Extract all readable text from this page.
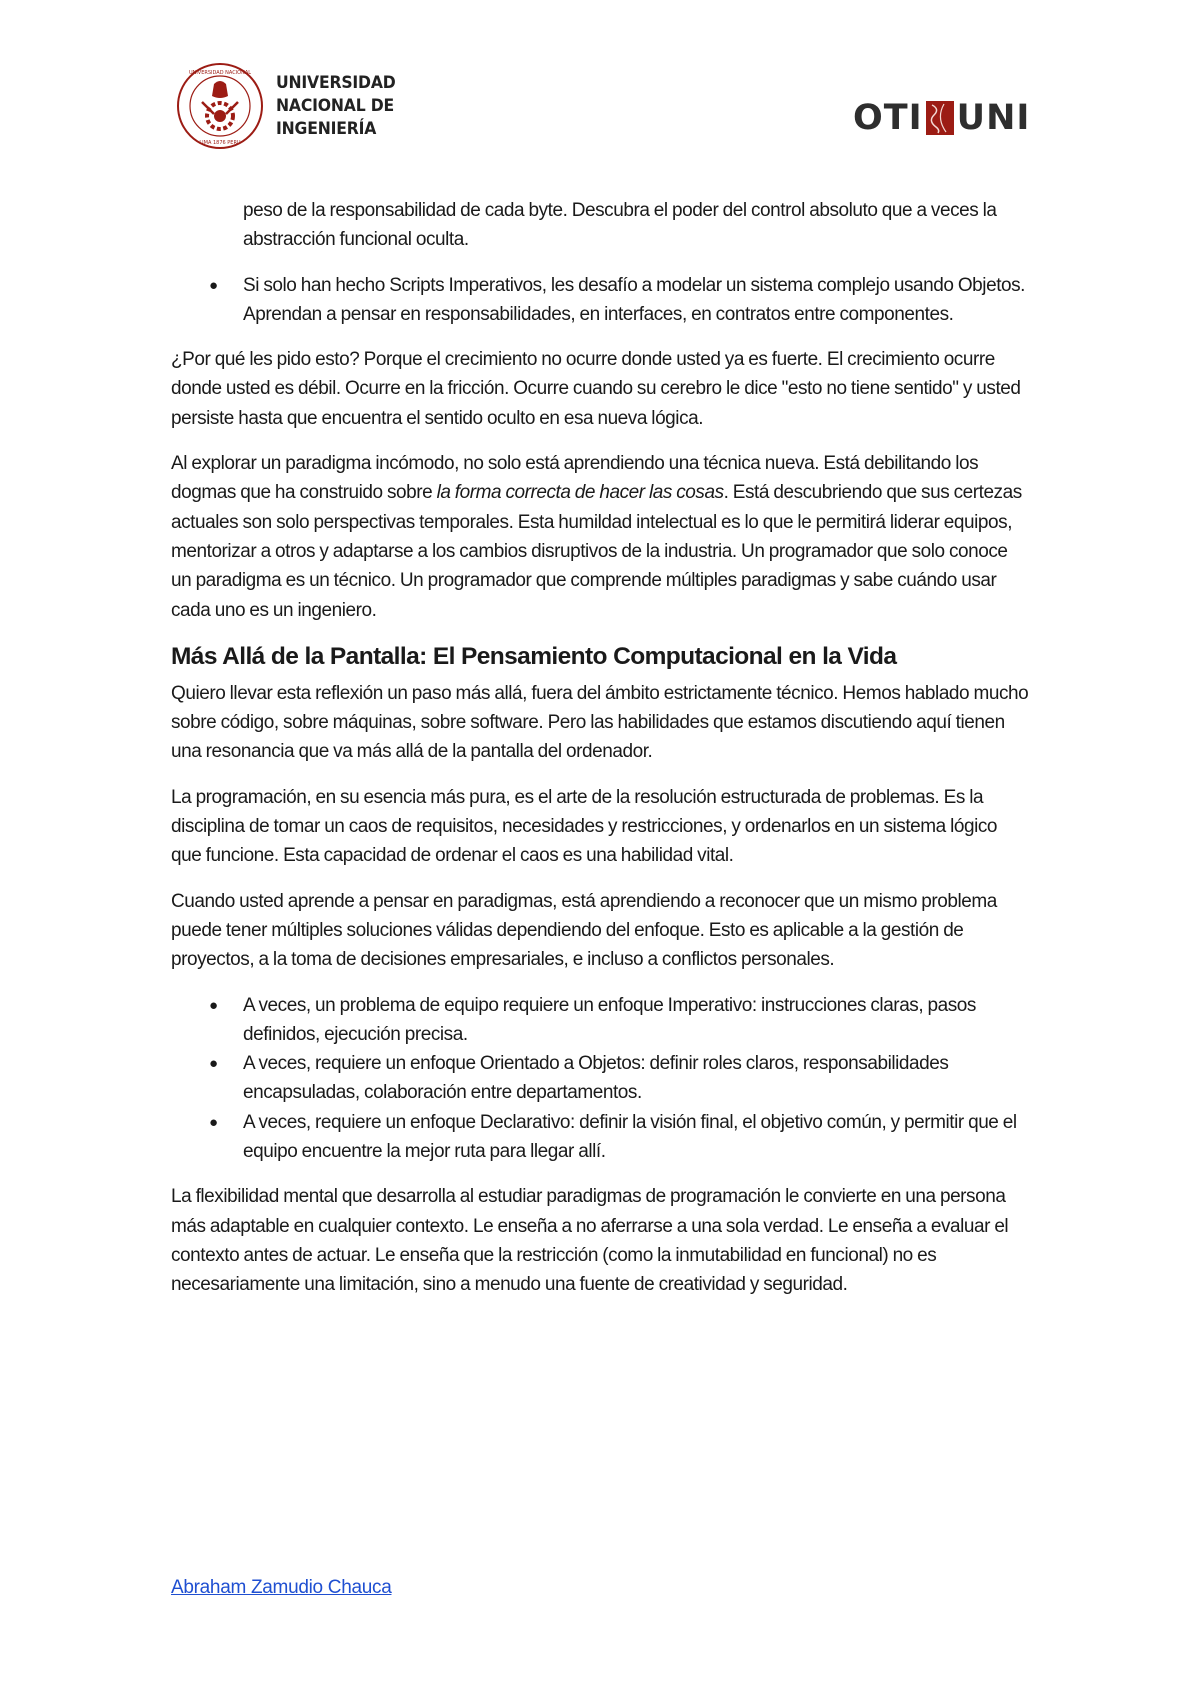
UNIVERSIDAD NACIONAL
LIMA 1876 PERU
UNIVERSIDAD
NACIONAL DE
INGENIERÍA	OTI UNI

peso de la responsabilidad de cada byte. Descubra el poder del control absoluto que a veces la abstracción funcional oculta.

● Si solo han hecho Scripts Imperativos, les desafío a modelar un sistema complejo usando Objetos. Aprendan a pensar en responsabilidades, en interfaces, en contratos entre componentes.

¿Por qué les pido esto? Porque el crecimiento no ocurre donde usted ya es fuerte. El crecimiento ocurre donde usted es débil. Ocurre en la fricción. Ocurre cuando su cerebro le dice "esto no tiene sentido" y usted persiste hasta que encuentra el sentido oculto en esa nueva lógica.

Al explorar un paradigma incómodo, no solo está aprendiendo una técnica nueva. Está debilitando los dogmas que ha construido sobre la forma correcta de hacer las cosas. Está descubriendo que sus certezas actuales son solo perspectivas temporales. Esta humildad intelectual es lo que le permitirá liderar equipos, mentorizar a otros y adaptarse a los cambios disruptivos de la industria. Un programador que solo conoce un paradigma es un técnico. Un programador que comprende múltiples paradigmas y sabe cuándo usar cada uno es un ingeniero.

Más Allá de la Pantalla: El Pensamiento Computacional en la Vida

Quiero llevar esta reflexión un paso más allá, fuera del ámbito estrictamente técnico. Hemos hablado mucho sobre código, sobre máquinas, sobre software. Pero las habilidades que estamos discutiendo aquí tienen una resonancia que va más allá de la pantalla del ordenador.

La programación, en su esencia más pura, es el arte de la resolución estructurada de problemas. Es la disciplina de tomar un caos de requisitos, necesidades y restricciones, y ordenarlos en un sistema lógico que funcione. Esta capacidad de ordenar el caos es una habilidad vital.

Cuando usted aprende a pensar en paradigmas, está aprendiendo a reconocer que un mismo problema puede tener múltiples soluciones válidas dependiendo del enfoque. Esto es aplicable a la gestión de proyectos, a la toma de decisiones empresariales, e incluso a conflictos personales.

● A veces, un problema de equipo requiere un enfoque Imperativo: instrucciones claras, pasos definidos, ejecución precisa.
● A veces, requiere un enfoque Orientado a Objetos: definir roles claros, responsabilidades encapsuladas, colaboración entre departamentos.
● A veces, requiere un enfoque Declarativo: definir la visión final, el objetivo común, y permitir que el equipo encuentre la mejor ruta para llegar allí.

La flexibilidad mental que desarrolla al estudiar paradigmas de programación le convierte en una persona más adaptable en cualquier contexto. Le enseña a no aferrarse a una sola verdad. Le enseña a evaluar el contexto antes de actuar. Le enseña que la restricción (como la inmutabilidad en funcional) no es necesariamente una limitación, sino a menudo una fuente de creatividad y seguridad.

Abraham Zamudio Chauca
